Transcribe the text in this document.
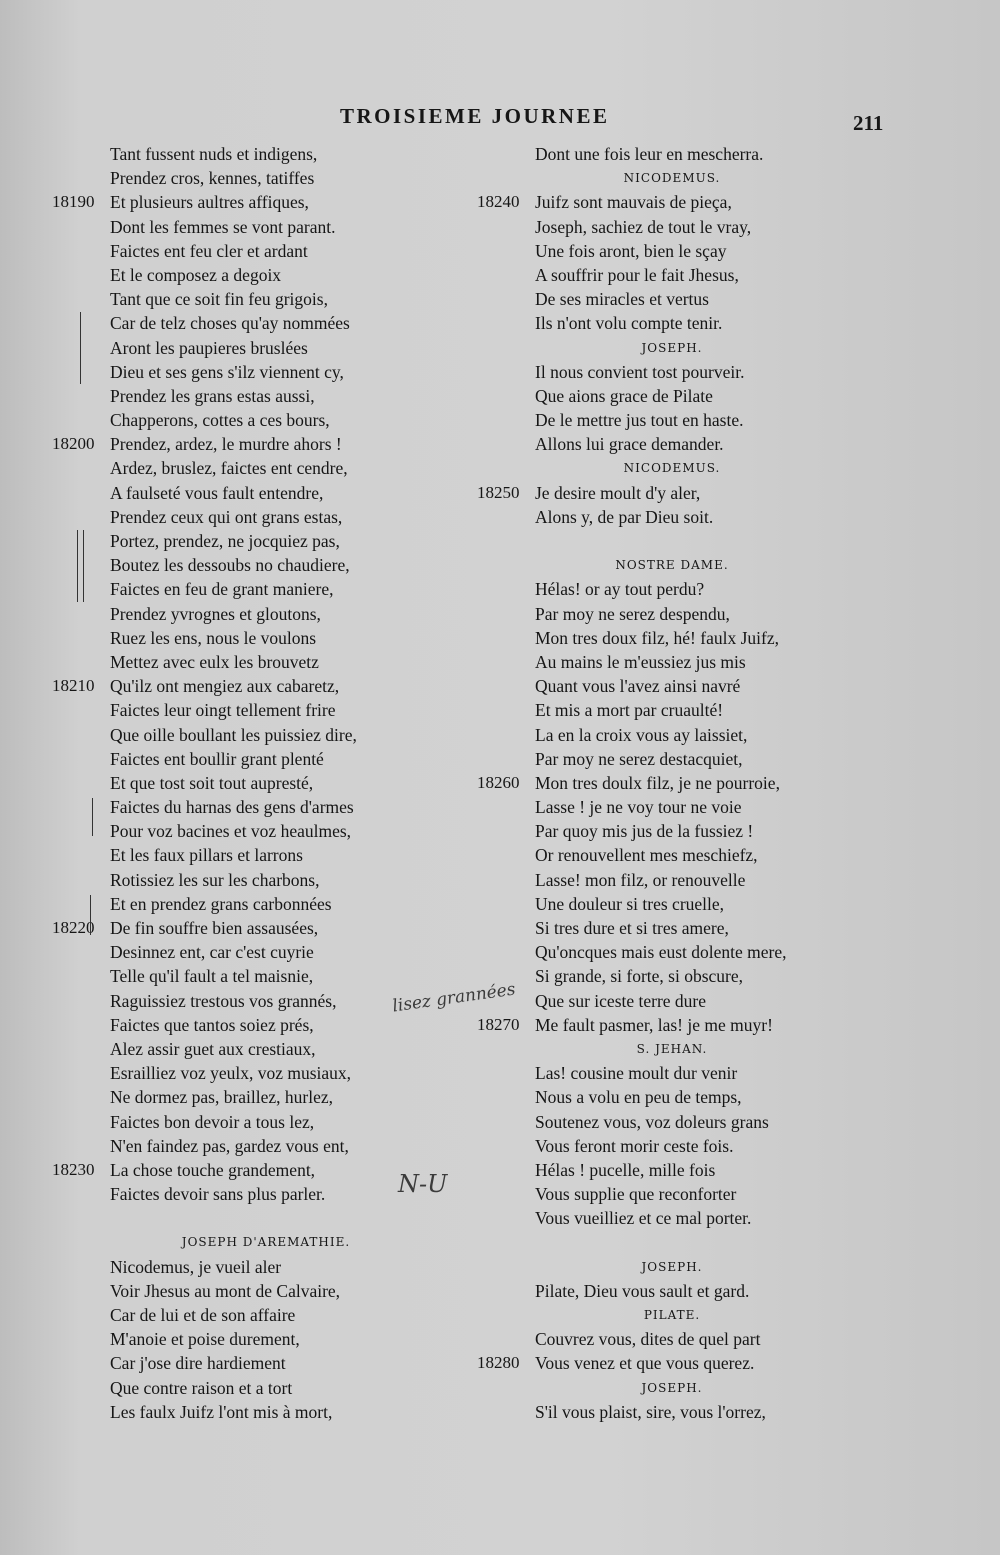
TROISIEME JOURNEE	211
Tant fussent nuds et indigens,
Prendez cros, kennes, tatiffes
18190 Et plusieurs aultres affiques,
Dont les femmes se vont parant.
Faictes ent feu cler et ardant
Et le composez a degoix
Tant que ce soit fin feu grigois,
Car de telz choses qu'ay nommées
Aront les paupieres bruslées
Dieu et ses gens s'ilz viennent cy,
Prendez les grans estas aussi,
Chapperons, cottes a ces bours,
18200 Prendez, ardez, le murdre ahors !
Ardez, bruslez, faictes ent cendre,
A faulseté vous fault entendre,
Prendez ceux qui ont grans estas,
Portez, prendez, ne jocquiez pas,
Boutez les dessoubs no chaudiere,
Faictes en feu de grant maniere,
Prendez yvrognes et gloutons,
Ruez les ens, nous le voulons
Mettez avec eulx les brouvetz
18210 Qu'ilz ont mengiez aux cabaretz,
Faictes leur oingt tellement frire
Que oille boullant les puissiez dire,
Faictes ent boullir grant plenté
Et que tost soit tout aupresté,
Faictes du harnas des gens d'armes
Pour voz bacines et voz heaulmes,
Et les faux pillars et larrons
Rotissiez les sur les charbons,
Et en prendez grans carbonnées
18220 De fin souffre bien assausées,
Desinnez ent, car c'est cuyrie
Telle qu'il fault a tel maisnie,
Raguissiez trestous vos grannés,
Faictes que tantos soiez prés,
Alez assir guet aux crestiaux,
Esrailliez voz yeulx, voz musiaux,
Ne dormez pas, braillez, hurlez,
Faictes bon devoir a tous lez,
N'en faindez pas, gardez vous ent,
18230 La chose touche grandement,
Faictes devoir sans plus parler.
JOSEPH D'AREMATHIE.
Nicodemus, je vueil aler
Voir Jhesus au mont de Calvaire,
Car de lui et de son affaire
M'anoie et poise durement,
Car j'ose dire hardiement
Que contre raison et a tort
Les faulx Juifz l'ont mis à mort,
Dont une fois leur en mescherra.
NICODEMUS.
18240 Juifz sont mauvais de pieça,
Joseph, sachiez de tout le vray,
Une fois aront, bien le sçay
A souffrir pour le fait Jhesus,
De ses miracles et vertus
Ils n'ont volu compte tenir.
JOSEPH.
Il nous convient tost pourveir.
Que aions grace de Pilate
De le mettre jus tout en haste.
Allons lui grace demander.
NICODEMUS.
18250 Je desire moult d'y aler,
Alons y, de par Dieu soit.
NOSTRE DAME.
Hélas! or ay tout perdu?
Par moy ne serez despendu,
Mon tres doux filz, hé! faulx Juifz,
Au mains le m'eussiez jus mis
Quant vous l'avez ainsi navré
Et mis a mort par cruaulté!
La en la croix vous ay laissiet,
Par moy ne serez destacquiet,
18260 Mon tres doulx filz, je ne pourroie,
Lasse ! je ne voy tour ne voie
Par quoy mis jus de la fussiez !
Or renouvellent mes meschiefz,
Lasse! mon filz, or renouvelle
Une douleur si tres cruelle,
Si tres dure et si tres amere,
Qu'oncques mais eust dolente mere,
Si grande, si forte, si obscure,
Que sur iceste terre dure
18270 Me fault pasmer, las! je me muyr!
S. JEHAN.
Las! cousine moult dur venir
Nous a volu en peu de temps,
Soutenez vous, voz doleurs grans
Vous feront morir ceste fois.
Hélas ! pucelle, mille fois
Vous supplie que reconforter
Vous vueilliez et ce mal porter.
JOSEPH.
Pilate, Dieu vous sault et gard.
PILATE.
Couvrez vous, dites de quel part
18280 Vous venez et que vous querez.
JOSEPH.
S'il vous plaist, sire, vous l'orrez,
lisez grannées
N-U
